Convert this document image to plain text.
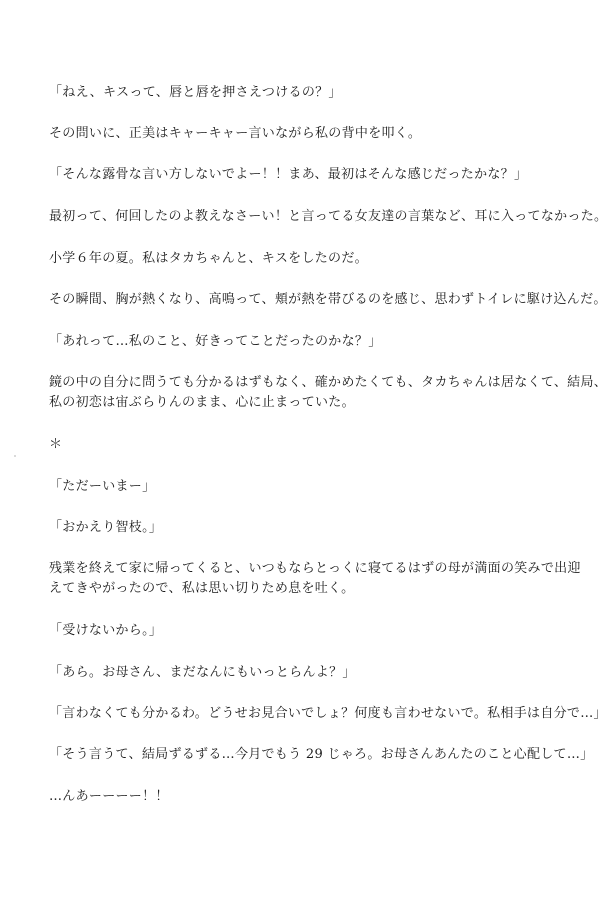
「ねえ、キスって、唇と唇を押さえつけるの？」

その問いに、正美はキャーキャー言いながら私の背中を叩く。

「そんな露骨な言い方しないでよー！！まあ、最初はそんな感じだったかな？」

最初って、何回したのよ教えなさーい！と言ってる女友達の言葉など、耳に入ってなかった。

小学６年の夏。私はタカちゃんと、キスをしたのだ。

その瞬間、胸が熱くなり、高鳴って、頬が熱を帯びるのを感じ、思わずトイレに駆け込んだ。

「あれって…私のこと、好きってことだったのかな？」

鏡の中の自分に問うても分かるはずもなく、確かめたくても、タカちゃんは居なくて、結局、
私の初恋は宙ぶらりんのまま、心に止まっていた。

＊

「ただーいまー」

「おかえり智枝。」

残業を終えて家に帰ってくると、いつもならとっくに寝てるはずの母が満面の笑みで出迎
えてきやがったので、私は思い切りため息を吐く。

「受けないから。」

「あら。お母さん、まだなんにもいっとらんよ？」

「言わなくても分かるわ。どうせお見合いでしょ？何度も言わせないで。私相手は自分で…」

「そう言うて、結局ずるずる…今月でもう 29 じゃろ。お母さんあんたのこと心配して…」

…んあーーーー！！
